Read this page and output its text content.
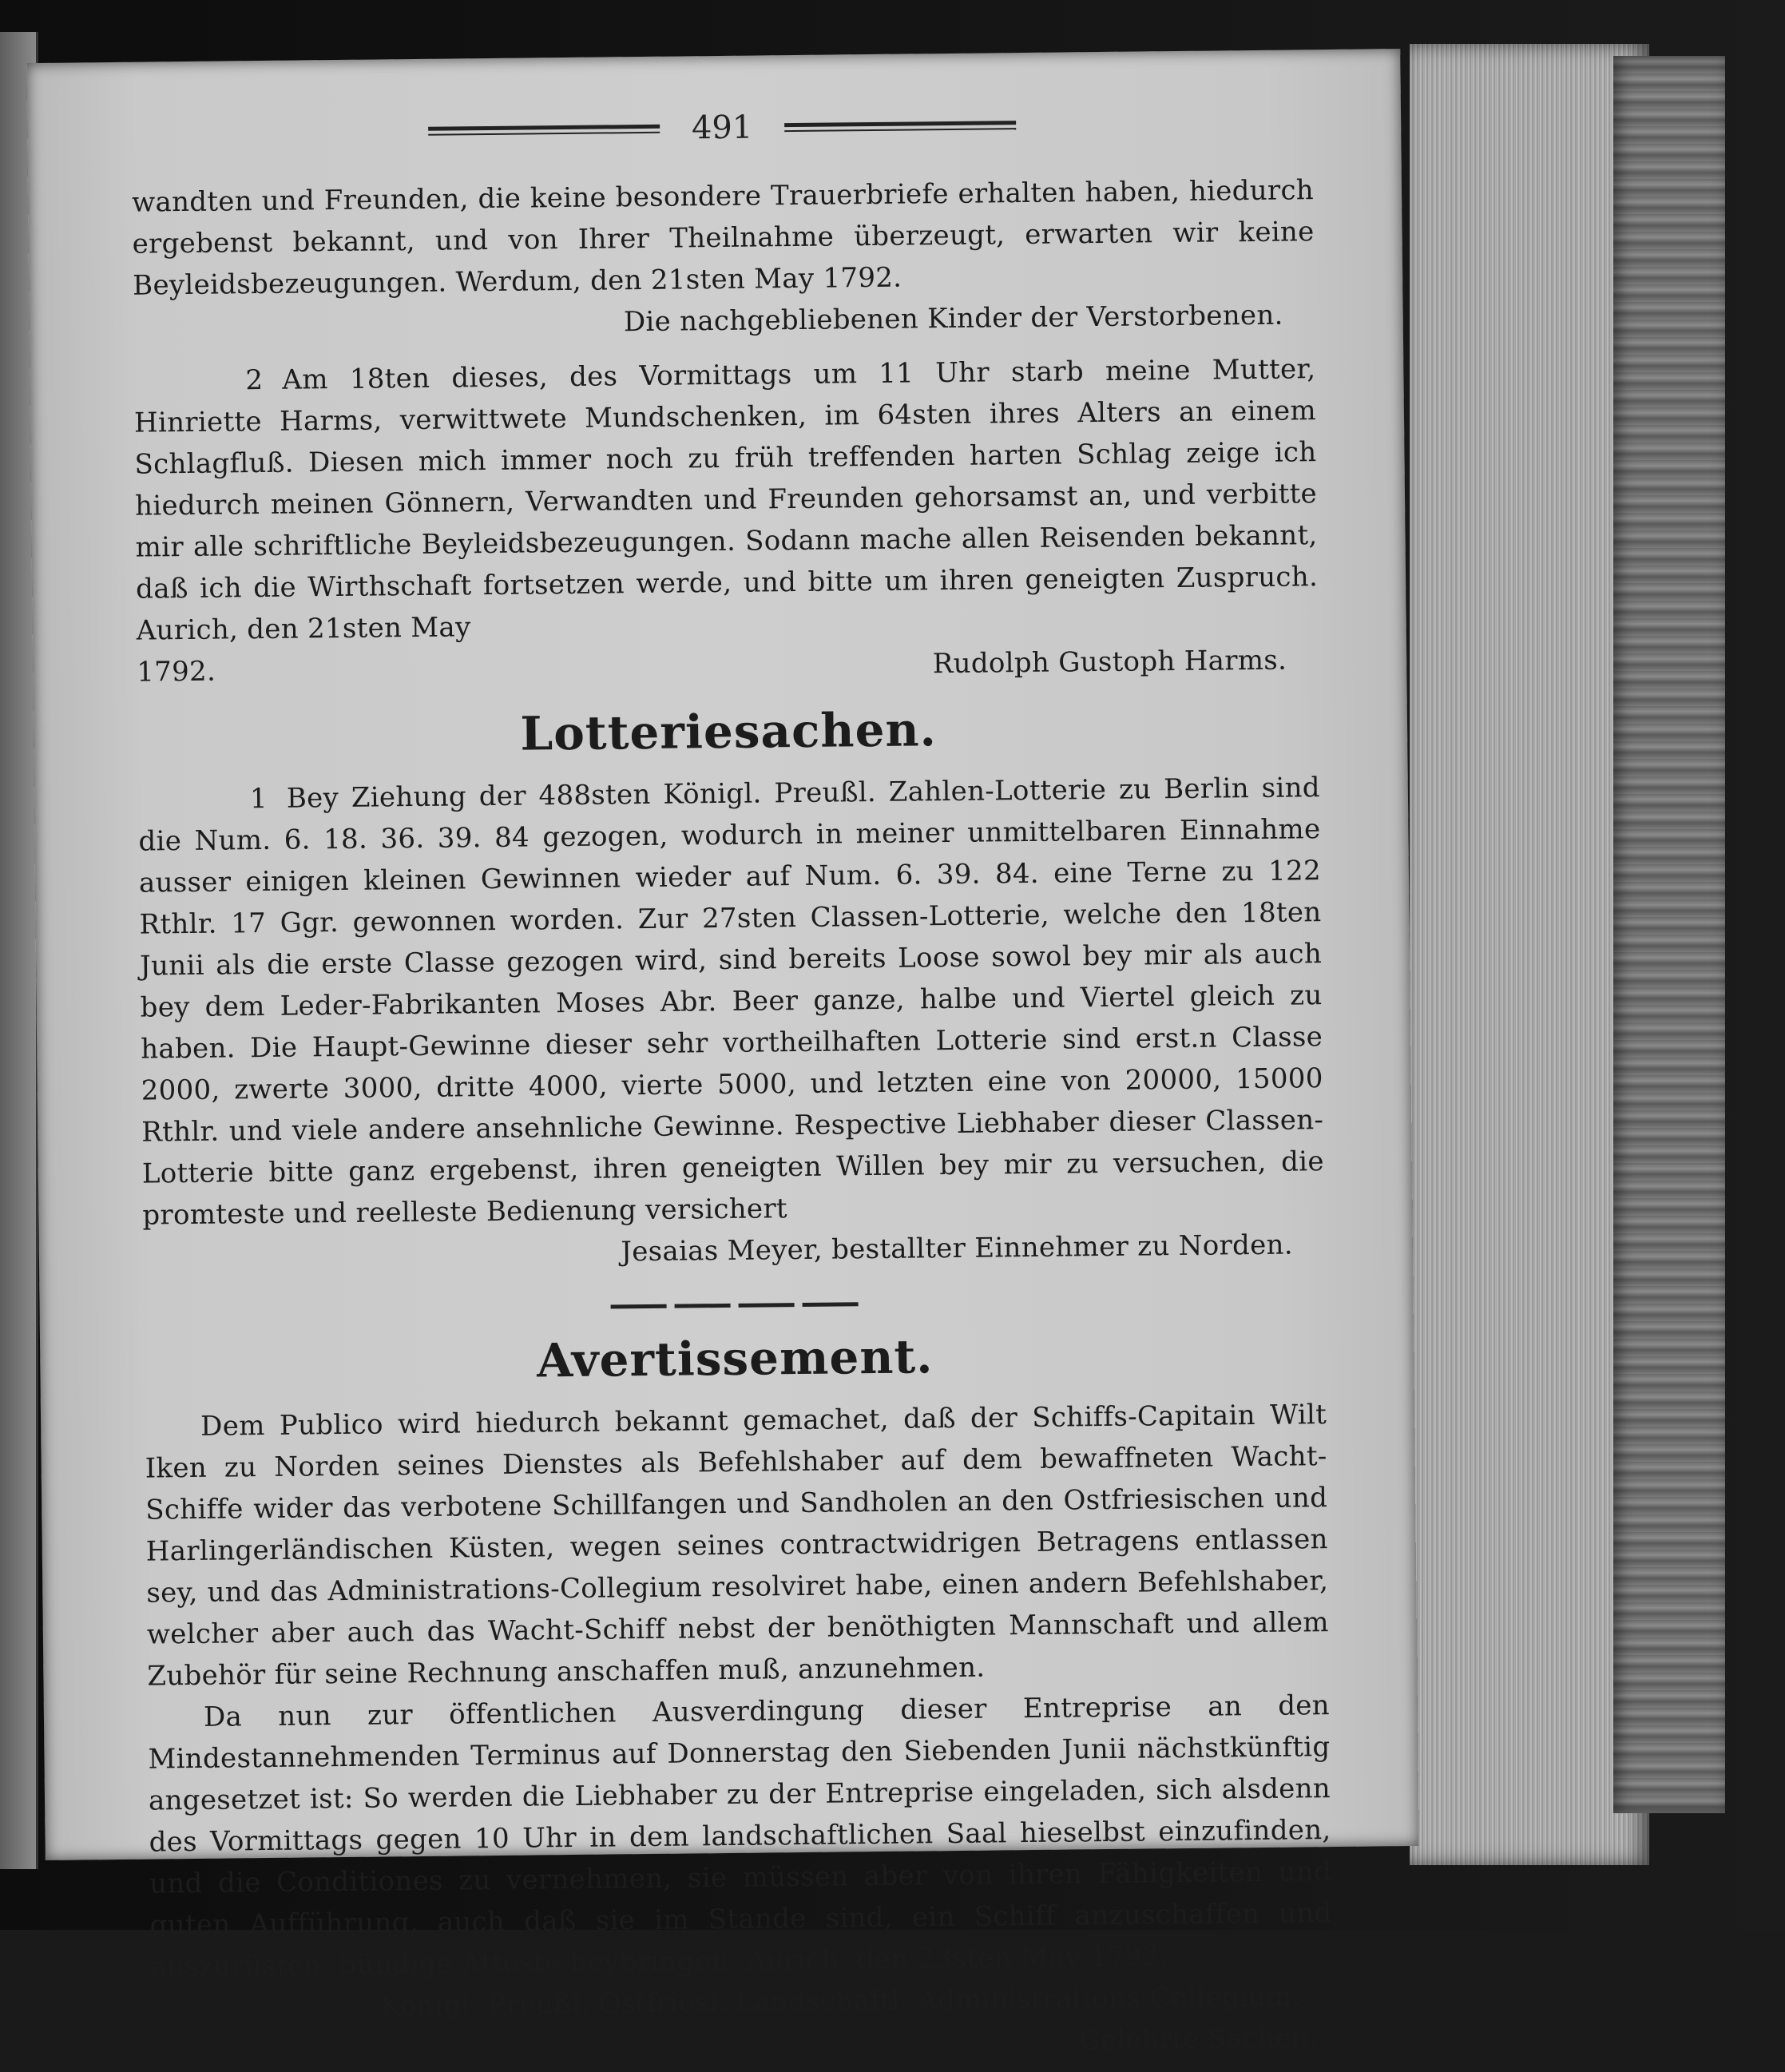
491

wandten und Freunden, die keine besondere Trauerbriefe erhalten haben, hiedurch ergebenst bekannt, und von Ihrer Theilnahme überzeugt, erwarten wir keine Beyleidsbezeugungen. Werdum, den 21sten May 1792.

Die nachgebliebenen Kinder der Verstorbenen.

2 Am 18ten dieses, des Vormittags um 11 Uhr starb meine Mutter, Hinriette Harms, verwittwete Mundschenken, im 64sten ihres Alters an einem Schlagfluß. Diesen mich immer noch zu früh treffenden harten Schlag zeige ich hiedurch meinen Gönnern, Verwandten und Freunden gehorsamst an, und verbitte mir alle schriftliche Beyleidsbezeugungen. Sodann mache allen Reisenden bekannt, daß ich die Wirthschaft fortsetzen werde, und bitte um ihren geneigten Zuspruch. Aurich, den 21sten May

1792.	Rudolph Gustoph Harms.

Lotteriesachen.

1 Bey Ziehung der 488sten Königl. Preußl. Zahlen-Lotterie zu Berlin sind die Num. 6. 18. 36. 39. 84 gezogen, wodurch in meiner unmittelbaren Einnahme ausser einigen kleinen Gewinnen wieder auf Num. 6. 39. 84. eine Terne zu 122 Rthlr. 17 Ggr. gewonnen worden. Zur 27sten Classen-Lotterie, welche den 18ten Junii als die erste Classe gezogen wird, sind bereits Loose sowol bey mir als auch bey dem Leder-Fabrikanten Moses Abr. Beer ganze, halbe und Viertel gleich zu haben. Die Haupt-Gewinne dieser sehr vortheilhaften Lotterie sind erst.n Classe 2000, zwerte 3000, dritte 4000, vierte 5000, und letzten eine von 20000, 15000 Rthlr. und viele andere ansehnliche Gewinne. Respective Liebhaber dieser Classen-Lotterie bitte ganz ergebenst, ihren geneigten Willen bey mir zu versuchen, die promteste und reelleste Bedienung versichert

Jesaias Meyer, bestallter Einnehmer zu Norden.

Avertissement.

Dem Publico wird hiedurch bekannt gemachet, daß der Schiffs-Capitain Wilt Iken zu Norden seines Dienstes als Befehlshaber auf dem bewaffneten Wacht-Schiffe wider das verbotene Schillfangen und Sandholen an den Ostfriesischen und Harlingerländischen Küsten, wegen seines contractwidrigen Betragens entlassen sey, und das Administrations-Collegium resolviret habe, einen andern Befehlshaber, welcher aber auch das Wacht-Schiff nebst der benöthigten Mannschaft und allem Zubehör für seine Rechnung anschaffen muß, anzunehmen.

Da nun zur öffentlichen Ausverdingung dieser Entreprise an den Mindestannehmenden Terminus auf Donnerstag den Siebenden Junii nächstkünftig angesetzet ist: So werden die Liebhaber zu der Entreprise eingeladen, sich alsdenn des Vormittags gegen 10 Uhr in dem landschaftlichen Saal hieselbst einzufinden, und die Conditiones zu vernehmen, sie müssen aber von ihren Fähigkeiten und guten Aufführung, auch daß sie im Stande sind, ein Schiff anzuschaffen und auszurüsten, bündige Atteste beybringen. Aurich, den 23sten May 1792.

Königl. Preußl. Ostfriesl. Landschaftl. Administrations-Collegium.

Gelehrte Sachen.
